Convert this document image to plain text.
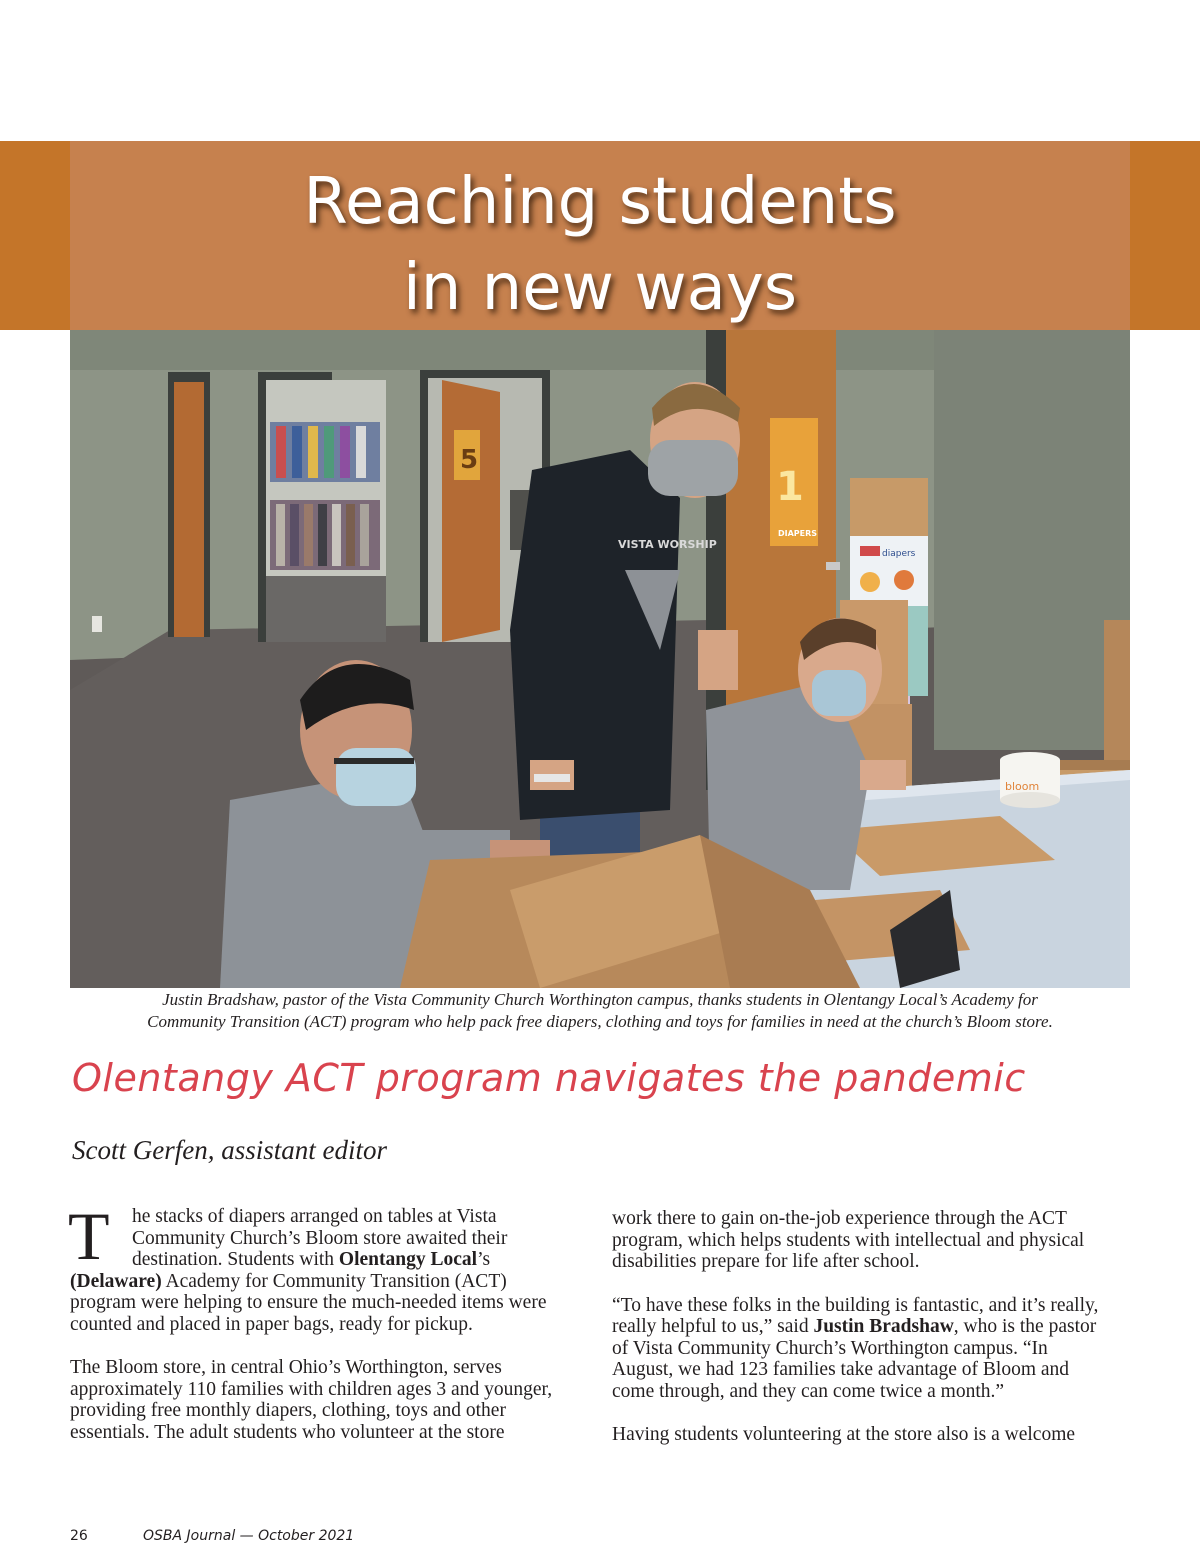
Reaching students
in new ways
5
1
DIAPERS
diapers
bloom
VISTA WORSHIP

Justin Bradshaw, pastor of the Vista Community Church Worthington campus, thanks students in Olentangy Local’s Academy for
Community Transition (ACT) program who help pack free diapers, clothing and toys for families in need at the church’s Bloom store.

Olentangy ACT program navigates the pandemic

Scott Gerfen, assistant editor

T	he stacks of diapers arranged on tables at Vista
Community Church’s Bloom store awaited their
destination. Students with Olentangy Local’s
(Delaware) Academy for Community Transition (ACT)
program were helping to ensure the much-needed items were
counted and placed in paper bags, ready for pickup.

The Bloom store, in central Ohio’s Worthington, serves
approximately 110 families with children ages 3 and younger,
providing free monthly diapers, clothing, toys and other
essentials. The adult students who volunteer at the store

work there to gain on-the-job experience through the ACT
program, which helps students with intellectual and physical
disabilities prepare for life after school.

“To have these folks in the building is fantastic, and it’s really,
really helpful to us,” said Justin Bradshaw, who is the pastor
of Vista Community Church’s Worthington campus. “In
August, we had 123 families take advantage of Bloom and
come through, and they can come twice a month.”

Having students volunteering at the store also is a welcome

26	OSBA Journal — October 2021
